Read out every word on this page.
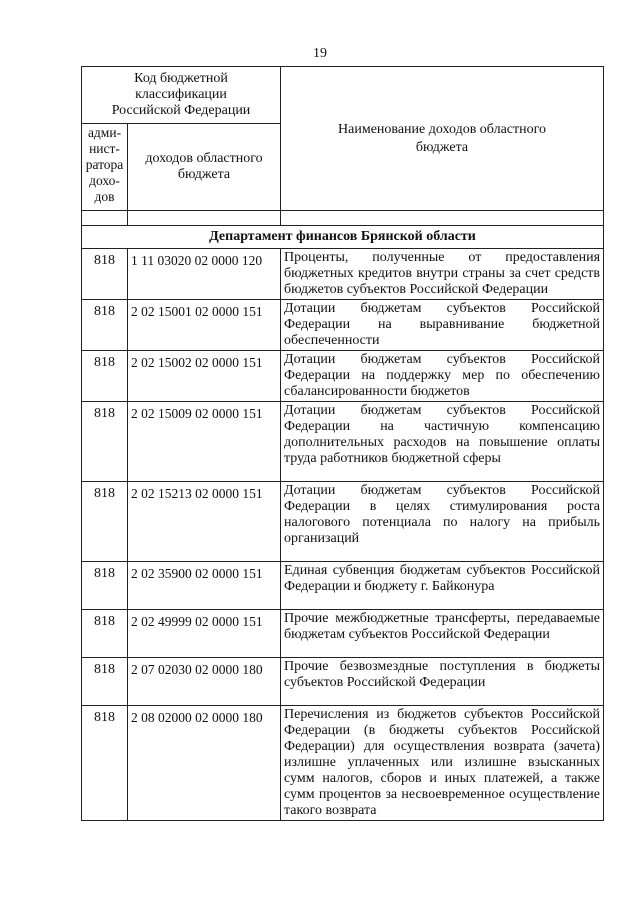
19
Код бюджетной классификации Российской Федерации		Наименование доходов областного бюджета
адми-нист-ратора дохо-дов	доходов областного бюджета	

Департамент финансов Брянской области		
818	1 11 03020 02 0000 120	Проценты, полученные от предоставления бюджетных кредитов внутри страны за счет средств бюджетов субъектов Российской Федерации
818	2 02 15001 02 0000 151	Дотации бюджетам субъектов Российской Федерации на выравнивание бюджетной обеспеченности
818	2 02 15002 02 0000 151	Дотации бюджетам субъектов Российской Федерации на поддержку мер по обеспечению сбалансированности бюджетов
818	2 02 15009 02 0000 151	Дотации бюджетам субъектов Российской Федерации на частичную компенсацию дополнительных расходов на повышение оплаты труда работников бюджетной сферы
818	2 02 15213 02 0000 151	Дотации бюджетам субъектов Российской Федерации в целях стимулирования роста налогового потенциала по налогу на прибыль организаций
818	2 02 35900 02 0000 151	Единая субвенция бюджетам субъектов Российской Федерации и бюджету г. Байконура
818	2 02 49999 02 0000 151	Прочие межбюджетные трансферты, передаваемые бюджетам субъектов Российской Федерации
818	2 07 02030 02 0000 180	Прочие безвозмездные поступления в бюджеты субъектов Российской Федерации
818	2 08 02000 02 0000 180	Перечисления из бюджетов субъектов Российской Федерации (в бюджеты субъектов Российской Федерации) для осуществления возврата (зачета) излишне уплаченных или излишне взысканных сумм налогов, сборов и иных платежей, а также сумм процентов за несвоевременное осуществление такого возврата
